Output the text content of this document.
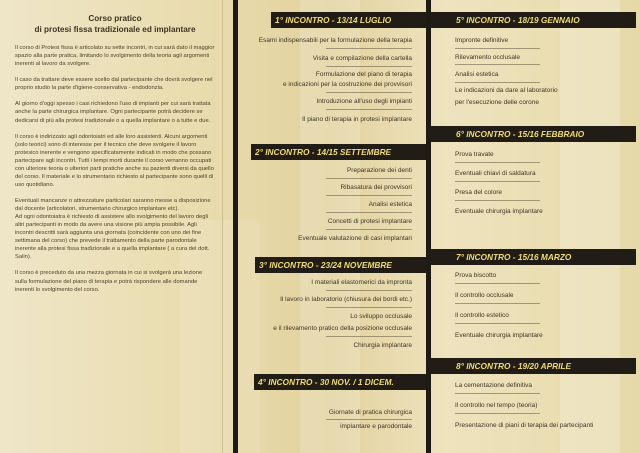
Corso pratico
di protesi fissa tradizionale ed implantare

Il corso di Protesi fissa è articolato su sette incontri, in cui sarà dato il maggior spazio alla parte pratica, limitando lo svolgimento della teoria agli argomenti inerenti al lavoro da svolgere.

Il caso da trattare deve essere scelto dal partecipante che dovrà svolgere nel proprio studio la parte d'igiene-conservativa - endodonzia.

Al giorno d'oggi spesso i casi richiedono l'uso di impianti per cui sarà trattata anche la parte chirurgica implantare. Ogni partecipante potrà decidere se dedicarsi di più alla protesi tradizionale o a quella implantare o a tutte e due.

Il corso è indirizzato agli odontoiatri ed alle loro assistenti. Alcuni argomenti (solo teorici) sono di interesse per il tecnico che deve svolgere il lavoro protesico inerente e vengono specificatamente indicati in modo che possano partecipare agli incontri. Tutti i tempi morti durante il corso verranno occupati con ulteriore teoria o ulteriori parti pratiche anche su pazienti diversi da quello del corso. Il materiale e lo strumentario richiesto al partecipante sono quelli di uso quotidiano.

Eventuali mancanze o attrezzature particolari saranno messe a disposizione dal docente (articolatori, strumentario chirurgico implantare etc).

Ad ogni odontoiatra è richiesto di assistere allo svolgimento del lavoro degli altri partecipanti in modo da avere una visione più ampia possibile. Agli incontri descritti sarà aggiunta una giornata (coincidente con uno dei fine settimana del corso) che prevede il trattamento della parte parodontale inerente alla protesi fissa tradizionale e a quella implantare ( a cura del dott. Salin).

Il corso è preceduto da una mezza giornata in cui si svolgerà una lezione sulla formulazione del piano di terapia e potrà rispondere alle domande inerenti lo svolgimento del corso.

1° INCONTRO - 13/14 LUGLIO
Esami indispensabili per la formulazione della terapia
Visita e compilazione della cartella
Formulazione del piano di terapia
e indicazioni per la costruzione dei provvisori
Introduzione all'uso degli impianti
Il piano di terapia in protesi implantare
2° INCONTRO - 14/15 SETTEMBRE
Preparazione dei denti
Ribasatura dei provvisori
Analisi estetica
Concetti di protesi implantare
Eventuale valutazione di casi implantari
3° INCONTRO - 23/24 NOVEMBRE
I materiali elastomerici da impronta
Il lavoro in laboratorio (chiusura dei bordi etc.)
Lo sviluppo occlusale
e il rilevamento pratico della posizione occlusale
Chirurgia implantare
4° INCONTRO - 30 NOV. / 1 DICEM.
Giornate di pratica chirurgica
implantare e parodontale
5° INCONTRO - 18/19 GENNAIO
Impronte definitive
Rilevamento occlusale
Analisi estetica
Le indicazioni da dare al laboratorio
per l'esecuzione delle corone
6° INCONTRO - 15/16 FEBBRAIO
Prova travate
Eventuali chiavi di saldatura
Presa del colore
Eventuale chirurgia implantare
7° INCONTRO - 15/16 MARZO
Prova biscotto
Il controllo occlusale
Il controllo estetico
Eventuale chirurgia implantare
8° INCONTRO - 19/20 APRILE
La cementazione definitiva
Il controllo nel tempo (teoria)
Presentazione di piani di terapia dei partecipanti
